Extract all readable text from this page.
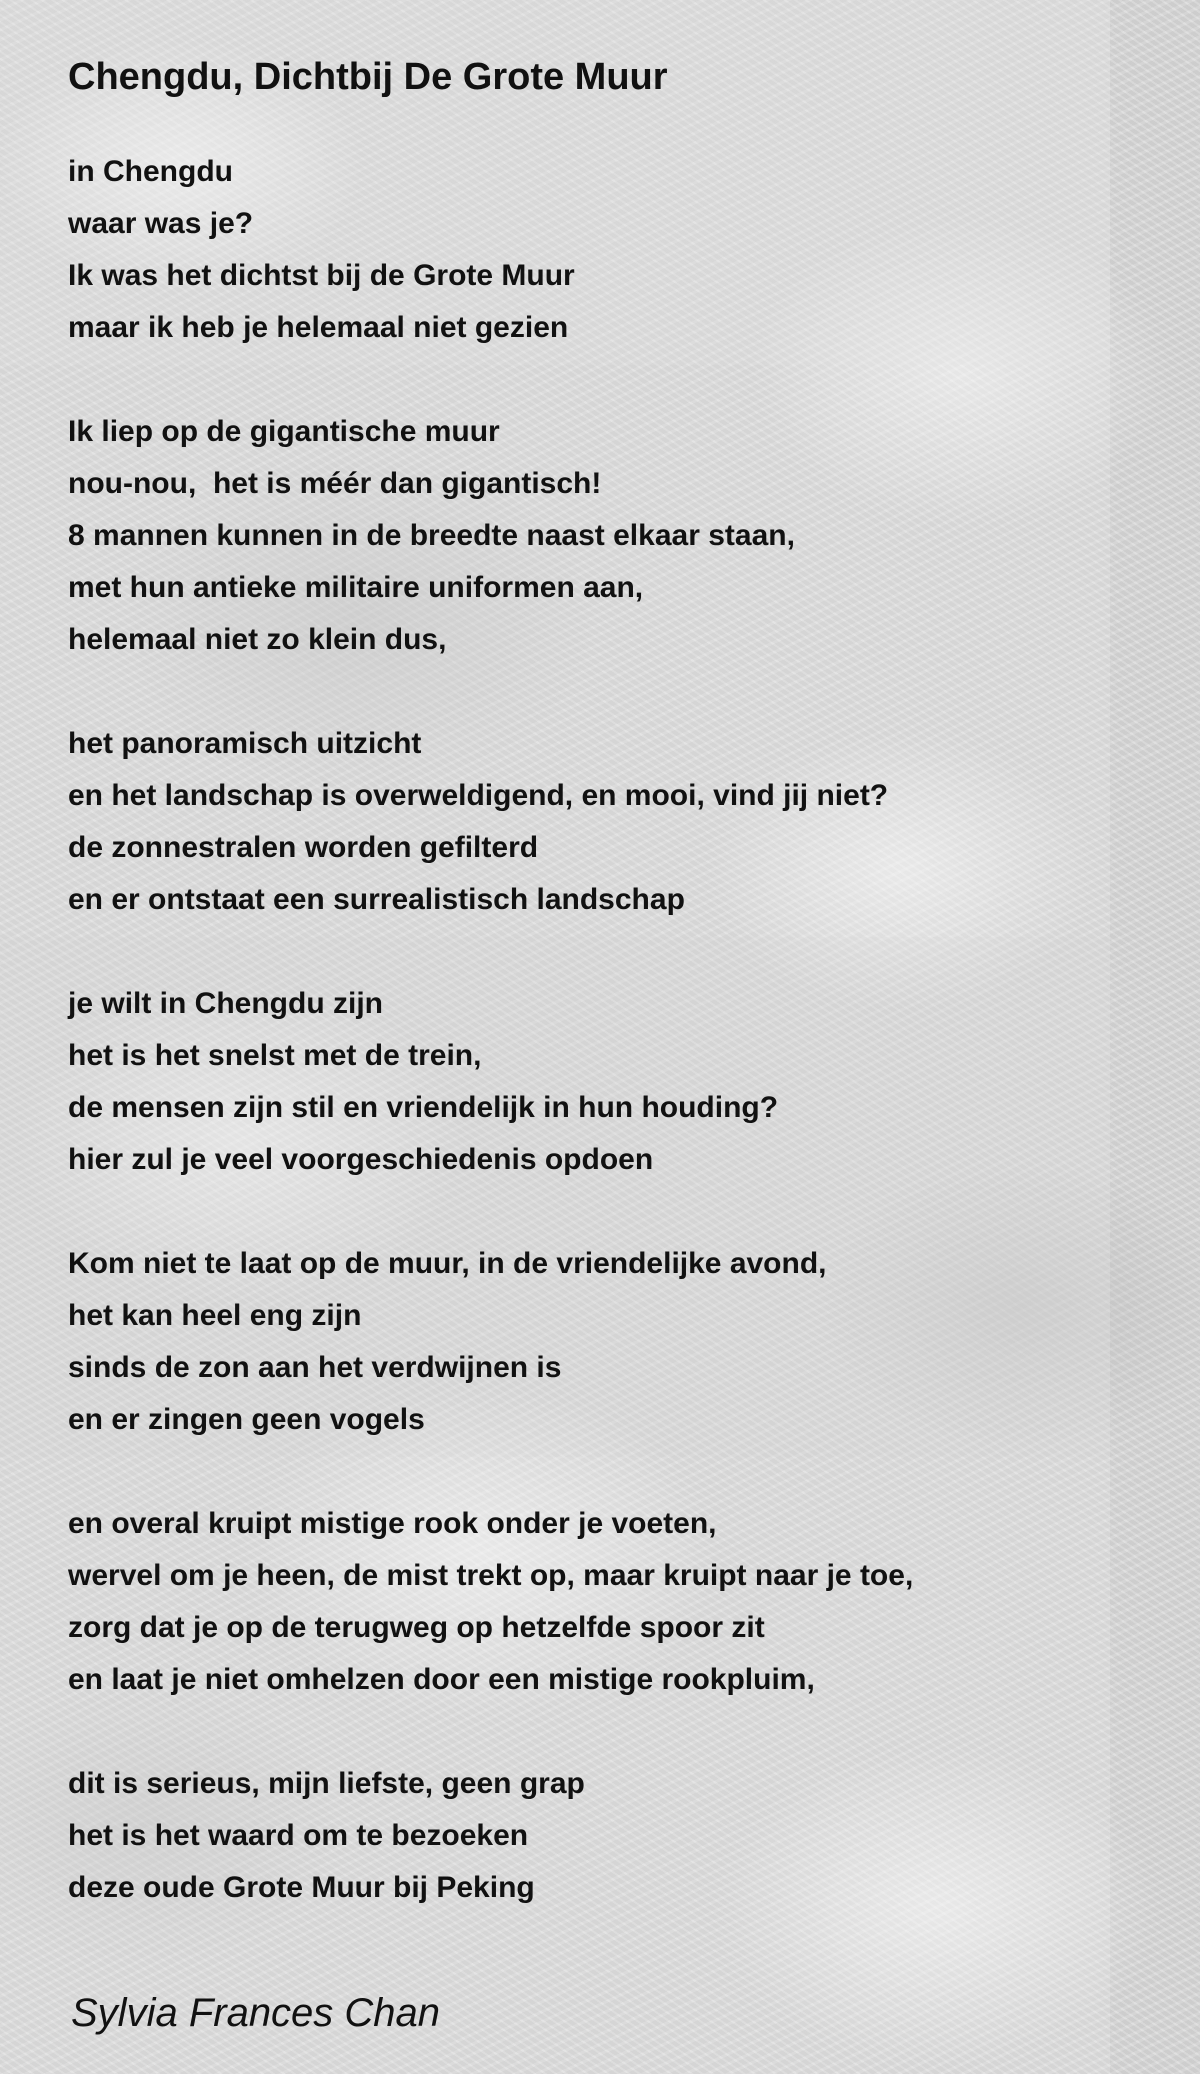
Chengdu, Dichtbij De Grote Muur
in Chengdu
waar was je?
Ik was het dichtst bij de Grote Muur
maar ik heb je helemaal niet gezien
Ik liep op de gigantische muur
nou-nou,  het is méér dan gigantisch!
8 mannen kunnen in de breedte naast elkaar staan,
met hun antieke militaire uniformen aan,
helemaal niet zo klein dus,
het panoramisch uitzicht
en het landschap is overweldigend, en mooi, vind jij niet?
de zonnestralen worden gefilterd
en er ontstaat een surrealistisch landschap
je wilt in Chengdu zijn
het is het snelst met de trein,
de mensen zijn stil en vriendelijk in hun houding?
hier zul je veel voorgeschiedenis opdoen
Kom niet te laat op de muur, in de vriendelijke avond,
het kan heel eng zijn
sinds de zon aan het verdwijnen is
en er zingen geen vogels
en overal kruipt mistige rook onder je voeten,
wervel om je heen, de mist trekt op, maar kruipt naar je toe,
zorg dat je op de terugweg op hetzelfde spoor zit
en laat je niet omhelzen door een mistige rookpluim,
dit is serieus, mijn liefste, geen grap
het is het waard om te bezoeken
deze oude Grote Muur bij Peking
Sylvia Frances Chan
